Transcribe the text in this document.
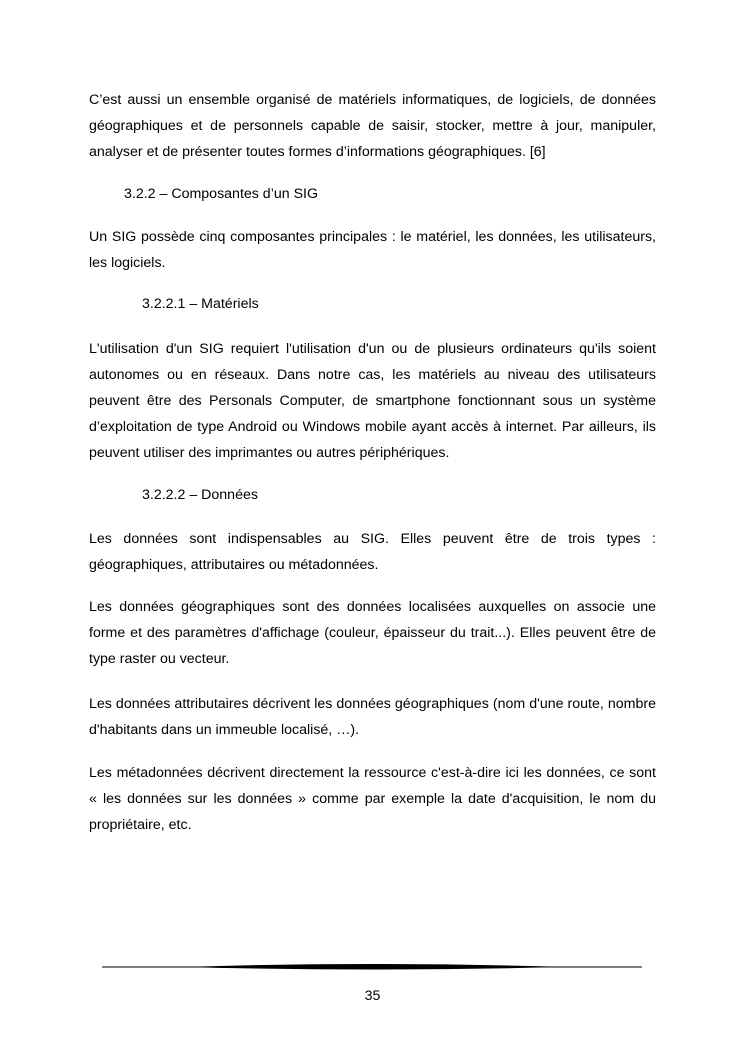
C’est aussi un ensemble organisé de matériels informatiques, de logiciels, de données géographiques et de personnels capable de saisir, stocker, mettre à jour, manipuler, analyser et de présenter toutes formes d’informations géographiques. [6]

3.2.2 – Composantes d’un SIG

Un SIG possède cinq composantes principales : le matériel, les données, les utilisateurs, les logiciels.

3.2.2.1 – Matériels

L'utilisation d'un SIG requiert l'utilisation d'un ou de plusieurs ordinateurs qu'ils soient autonomes ou en réseaux. Dans notre cas, les matériels au niveau des utilisateurs peuvent être des Personals Computer, de smartphone fonctionnant sous un système d’exploitation de type Android ou Windows mobile ayant accès à internet. Par ailleurs, ils peuvent utiliser des imprimantes ou autres périphériques.

3.2.2.2 – Données

Les données sont indispensables au SIG. Elles peuvent être de trois types : géographiques, attributaires ou métadonnées.

Les données géographiques sont des données localisées auxquelles on associe une forme et des paramètres d'affichage (couleur, épaisseur du trait...). Elles peuvent être de type raster ou vecteur.

Les données attributaires décrivent les données géographiques (nom d'une route, nombre d'habitants dans un immeuble localisé, …).

Les métadonnées décrivent directement la ressource c'est-à-dire ici les données, ce sont « les données sur les données » comme par exemple la date d'acquisition, le nom du propriétaire, etc.

35
